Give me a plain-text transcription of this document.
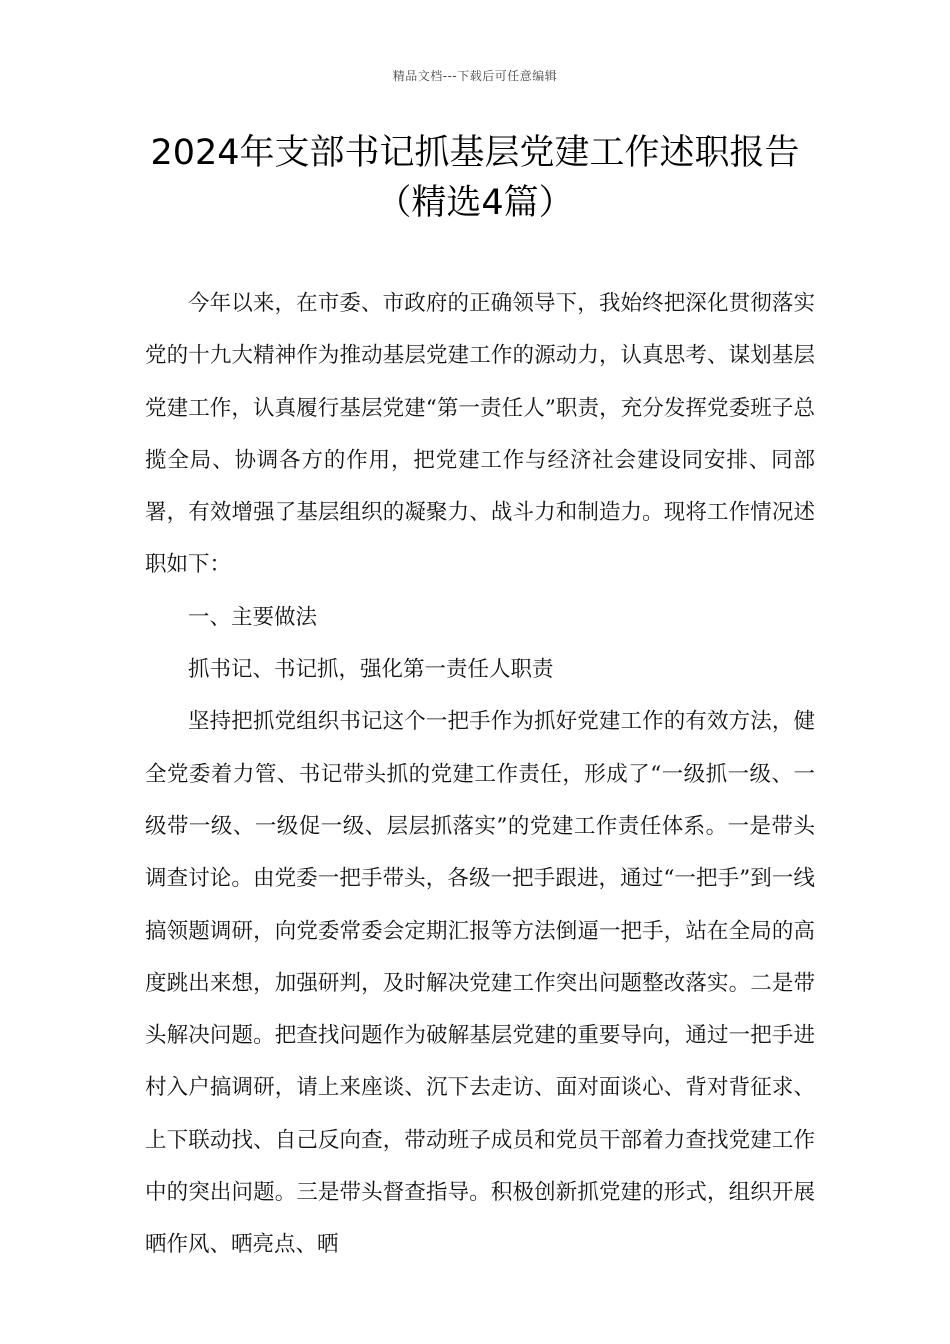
精品文档---下载后可任意编辑
2024年支部书记抓基层党建工作述职报告（精选4篇）

今年以来，在市委、市政府的正确领导下，我始终把深化贯彻落实党的十九大精神作为推动基层党建工作的源动力，认真思考、谋划基层党建工作，认真履行基层党建“第一责任人”职责，充分发挥党委班子总揽全局、协调各方的作用，把党建工作与经济社会建设同安排、同部署，有效增强了基层组织的凝聚力、战斗力和制造力。现将工作情况述职如下：

一、主要做法

抓书记、书记抓，强化第一责任人职责

坚持把抓党组织书记这个一把手作为抓好党建工作的有效方法，健全党委着力管、书记带头抓的党建工作责任，形成了“一级抓一级、一级带一级、一级促一级、层层抓落实”的党建工作责任体系。一是带头调查讨论。由党委一把手带头，各级一把手跟进，通过“一把手”到一线搞领题调研，向党委常委会定期汇报等方法倒逼一把手，站在全局的高度跳出来想，加强研判，及时解决党建工作突出问题整改落实。二是带头解决问题。把查找问题作为破解基层党建的重要导向，通过一把手进村入户搞调研，请上来座谈、沉下去走访、面对面谈心、背对背征求、上下联动找、自己反向查，带动班子成员和党员干部着力查找党建工作中的突出问题。三是带头督查指导。积极创新抓党建的形式，组织开展晒作风、晒亮点、晒
